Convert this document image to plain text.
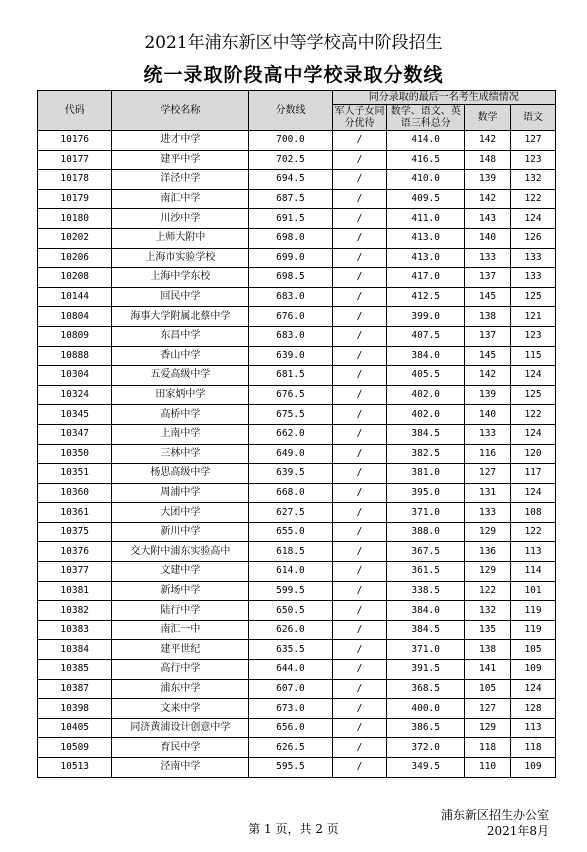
2021年浦东新区中等学校高中阶段招生
统一录取阶段高中学校录取分数线
代码	学校名称	分数线	同分录取的最后一名考生成绩情况			
			军人子女同分优待	数学、语文、英语三科总分	数学	语文
10176	进才中学	700.0	/	414.0	142	127
10177	建平中学	702.5	/	416.5	148	123
10178	洋泾中学	694.5	/	410.0	139	132
10179	南汇中学	687.5	/	409.5	142	122
10180	川沙中学	691.5	/	411.0	143	124
10202	上师大附中	698.0	/	413.0	140	126
10206	上海市实验学校	699.0	/	413.0	133	133
10208	上海中学东校	698.5	/	417.0	137	133
10144	回民中学	683.0	/	412.5	145	125
10804	海事大学附属北蔡中学	676.0	/	399.0	138	121
10809	东昌中学	683.0	/	407.5	137	123
10888	香山中学	639.0	/	384.0	145	115
10304	五爱高级中学	681.5	/	405.5	142	124
10324	田家炳中学	676.5	/	402.0	139	125
10345	高桥中学	675.5	/	402.0	140	122
10347	上南中学	662.0	/	384.5	133	124
10350	三林中学	649.0	/	382.5	116	120
10351	杨思高级中学	639.5	/	381.0	127	117
10360	周浦中学	668.0	/	395.0	131	124
10361	大团中学	627.5	/	371.0	133	108
10375	新川中学	655.0	/	388.0	129	122
10376	交大附中浦东实验高中	618.5	/	367.5	136	113
10377	文建中学	614.0	/	361.5	129	114
10381	新场中学	599.5	/	338.5	122	101
10382	陆行中学	650.5	/	384.0	132	119
10383	南汇一中	626.0	/	384.5	135	119
10384	建平世纪	635.5	/	371.0	138	105
10385	高行中学	644.0	/	391.5	141	109
10387	浦东中学	607.0	/	368.5	105	124
10398	文来中学	673.0	/	400.0	127	128
10405	同济黄浦设计创意中学	656.0	/	386.5	129	113
10509	育民中学	626.5	/	372.0	118	118
10513	泾南中学	595.5	/	349.5	110	109
浦东新区招生办公室
2021年8月
第 1 页，共 2 页
